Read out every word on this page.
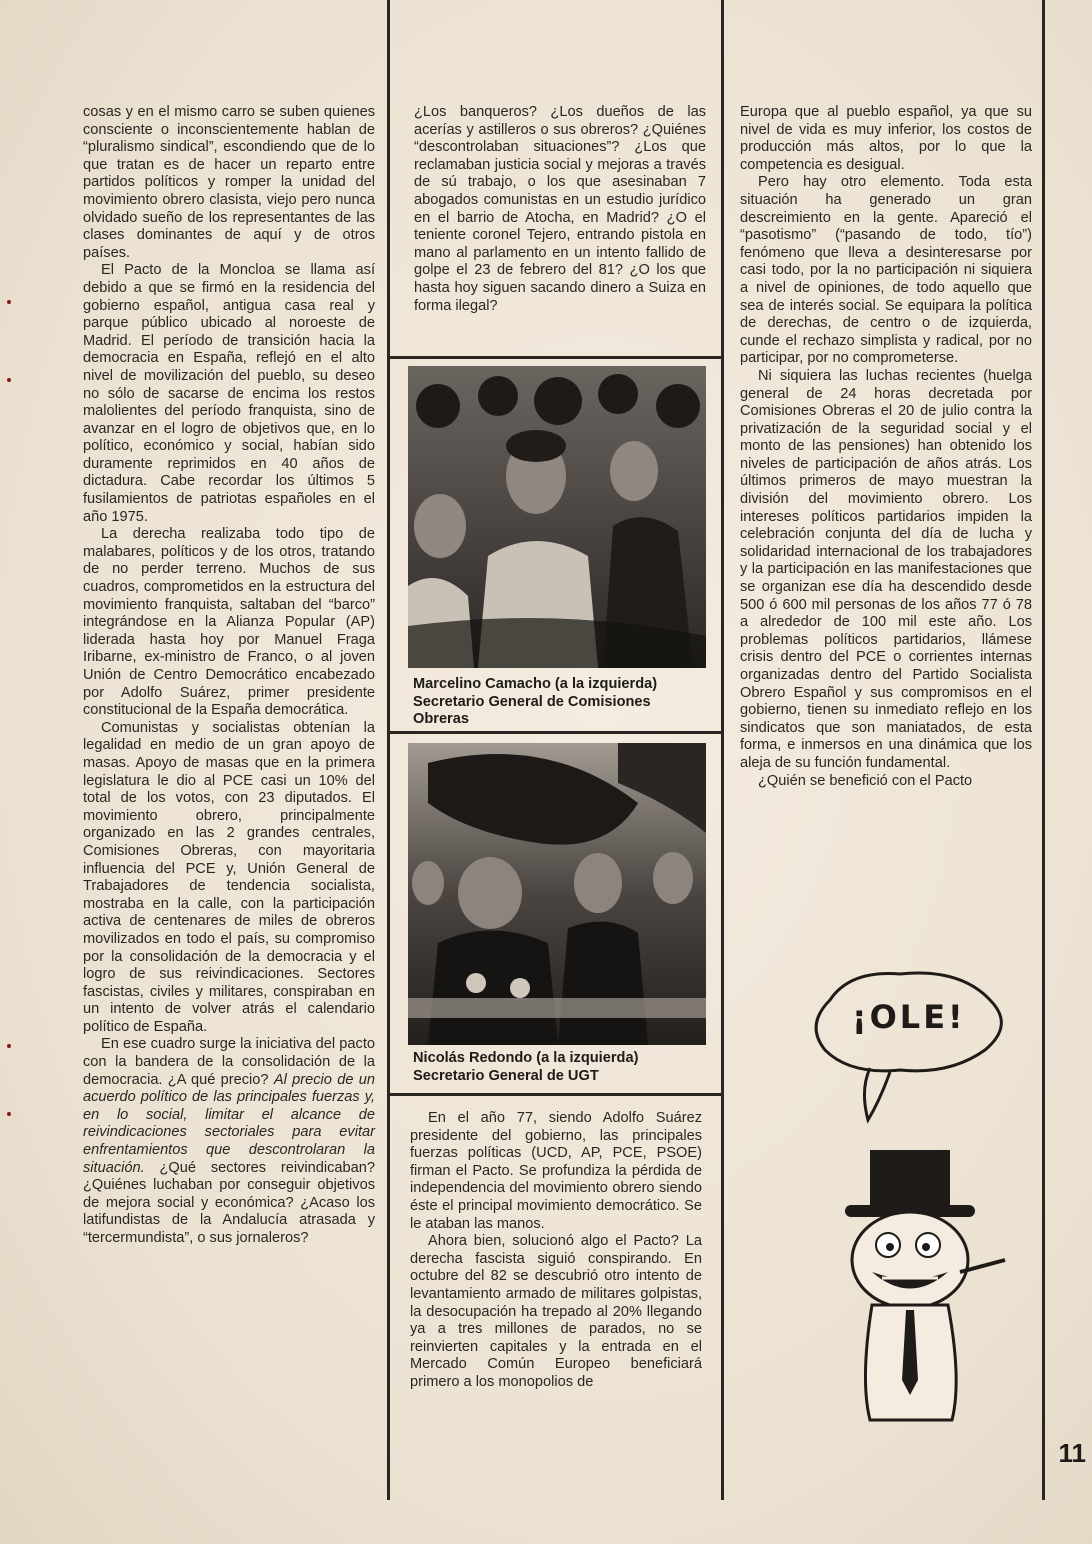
cosas y en el mismo carro se suben quienes consciente o inconscientemente hablan de “pluralismo sindical”, escondiendo que de lo que tratan es de hacer un reparto entre partidos políticos y romper la unidad del movimiento obrero clasista, viejo pero nunca olvidado sueño de los representantes de las clases dominantes de aquí y de otros países.

El Pacto de la Moncloa se llama así debido a que se firmó en la residencia del gobierno español, antigua casa real y parque público ubicado al noroeste de Madrid. El período de transición hacia la democracia en España, reflejó en el alto nivel de movilización del pueblo, su deseo no sólo de sacarse de encima los restos malolientes del período franquista, sino de avanzar en el logro de objetivos que, en lo político, económico y social, habían sido duramente reprimidos en 40 años de dictadura. Cabe recordar los últimos 5 fusilamientos de patriotas españoles en el año 1975.

La derecha realizaba todo tipo de malabares, políticos y de los otros, tratando de no perder terreno. Muchos de sus cuadros, comprometidos en la estructura del movimiento franquista, saltaban del “barco” integrándose en la Alianza Popular (AP) liderada hasta hoy por Manuel Fraga Iribarne, ex-ministro de Franco, o al joven Unión de Centro Democrático encabezado por Adolfo Suárez, primer presidente constitucional de la España democrática.

Comunistas y socialistas obtenían la legalidad en medio de un gran apoyo de masas. Apoyo de masas que en la primera legislatura le dio al PCE casi un 10% del total de los votos, con 23 diputados. El movimiento obrero, principalmente organizado en las 2 grandes centrales, Comisiones Obreras, con mayoritaria influencia del PCE y, Unión General de Trabajadores de tendencia socialista, mostraba en la calle, con la participación activa de centenares de miles de obreros movilizados en todo el país, su compromiso por la consolidación de la democracia y el logro de sus reivindicaciones. Sectores fascistas, civiles y militares, conspiraban en un intento de volver atrás el calendario político de España.

En ese cuadro surge la iniciativa del pacto con la bandera de la consolidación de la democracia. ¿A qué precio? Al precio de un acuerdo político de las principales fuerzas y, en lo social, limitar el alcance de reivindicaciones sectoriales para evitar enfrentamientos que descontrolaran la situación. ¿Qué sectores reivindicaban? ¿Quiénes luchaban por conseguir objetivos de mejora social y económica? ¿Acaso los latifundistas de la Andalucía atrasada y “tercermundista”, o sus jornaleros?

¿Los banqueros? ¿Los dueños de las acerías y astilleros o sus obreros? ¿Quiénes “descontrolaban situaciones”? ¿Los que reclamaban justicia social y mejoras a través de sú trabajo, o los que asesinaban 7 abogados comunistas en un estudio jurídico en el barrio de Atocha, en Madrid? ¿O el teniente coronel Tejero, entrando pistola en mano al parlamento en un intento fallido de golpe el 23 de febrero del 81? ¿O los que hasta hoy siguen sacando dinero a Suiza en forma ilegal?

Marcelino Camacho (a la izquierda) Secretario General de Comisiones Obreras
Nicolás Redondo (a la izquierda) Secretario General de UGT

En el año 77, siendo Adolfo Suárez presidente del gobierno, las principales fuerzas políticas (UCD, AP, PCE, PSOE) firman el Pacto. Se profundiza la pérdida de independencia del movimiento obrero siendo éste el principal movimiento democrático. Se le ataban las manos.

Ahora bien, solucionó algo el Pacto? La derecha fascista siguió conspirando. En octubre del 82 se descubrió otro intento de levantamiento armado de militares golpistas, la desocupación ha trepado al 20% llegando ya a tres millones de parados, no se reinvierten capitales y la entrada en el Mercado Común Europeo beneficiará primero a los monopolios de

Europa que al pueblo español, ya que su nivel de vida es muy inferior, los costos de producción más altos, por lo que la competencia es desigual.

Pero hay otro elemento. Toda esta situación ha generado un gran descreimiento en la gente. Apareció el “pasotismo” (“pasando de todo, tío”) fenómeno que lleva a desinteresarse por casi todo, por la no participación ni siquiera a nivel de opiniones, de todo aquello que sea de interés social. Se equipara la política de derechas, de centro o de izquierda, cunde el rechazo simplista y radical, por no participar, por no comprometerse.

Ni siquiera las luchas recientes (huelga general de 24 horas decretada por Comisiones Obreras el 20 de julio contra la privatización de la seguridad social y el monto de las pensiones) han obtenido los niveles de participación de años atrás. Los últimos primeros de mayo muestran la división del movimiento obrero. Los intereses políticos partidarios impiden la celebración conjunta del día de lucha y solidaridad internacional de los trabajadores y la participación en las manifestaciones que se organizan ese día ha descendido desde 500 ó 600 mil personas de los años 77 ó 78 a alrededor de 100 mil este año. Los problemas políticos partidarios, llámese crisis dentro del PCE o corrientes internas organizadas dentro del Partido Socialista Obrero Español y sus compromisos en el gobierno, tienen su inmediato reflejo en los sindicatos que son maniatados, de esta forma, e inmersos en una dinámica que los aleja de su función fundamental.

¿Quién se benefició con el Pacto

¡OLE!
11
